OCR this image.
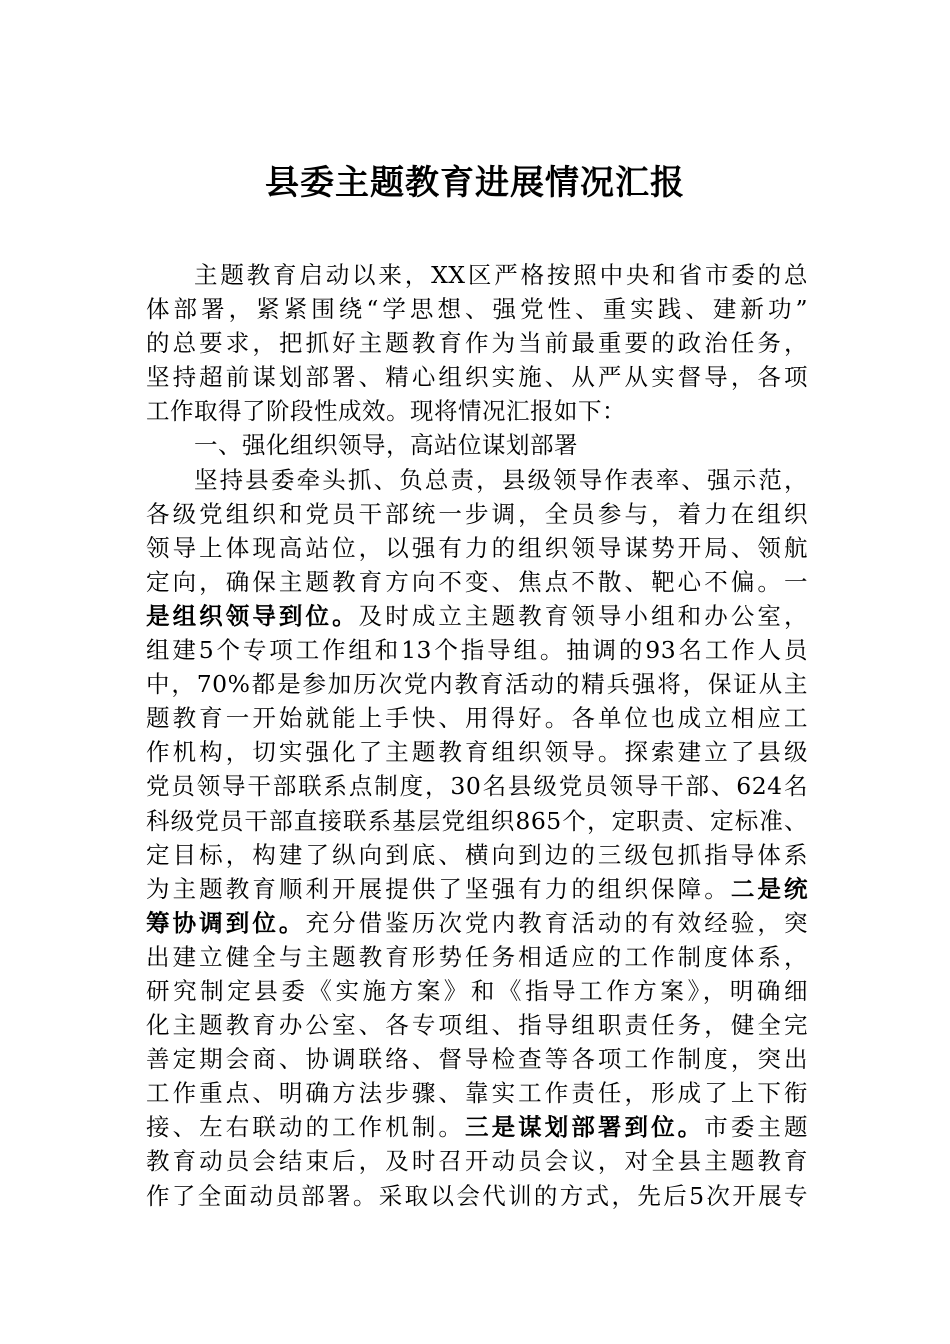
县委主题教育进展情况汇报
主题教育启动以来，XX区严格按照中央和省市委的总
体部署，紧紧围绕“学思想、强党性、重实践、建新功”
的总要求，把抓好主题教育作为当前最重要的政治任务，
坚持超前谋划部署、精心组织实施、从严从实督导，各项
工作取得了阶段性成效。现将情况汇报如下：
一、强化组织领导，高站位谋划部署
坚持县委牵头抓、负总责，县级领导作表率、强示范，
各级党组织和党员干部统一步调，全员参与，着力在组织
领导上体现高站位，以强有力的组织领导谋势开局、领航
定向，确保主题教育方向不变、焦点不散、靶心不偏。一
是组织领导到位。及时成立主题教育领导小组和办公室，
组建5个专项工作组和13个指导组。抽调的93名工作人员
中，70%都是参加历次党内教育活动的精兵强将，保证从主
题教育一开始就能上手快、用得好。各单位也成立相应工
作机构，切实强化了主题教育组织领导。探索建立了县级
党员领导干部联系点制度，30名县级党员领导干部、624名
科级党员干部直接联系基层党组织865个，定职责、定标准、
定目标，构建了纵向到底、横向到边的三级包抓指导体系
为主题教育顺利开展提供了坚强有力的组织保障。二是统
筹协调到位。充分借鉴历次党内教育活动的有效经验，突
出建立健全与主题教育形势任务相适应的工作制度体系，
研究制定县委《实施方案》和《指导工作方案》，明确细
化主题教育办公室、各专项组、指导组职责任务，健全完
善定期会商、协调联络、督导检查等各项工作制度，突出
工作重点、明确方法步骤、靠实工作责任，形成了上下衔
接、左右联动的工作机制。三是谋划部署到位。市委主题
教育动员会结束后，及时召开动员会议，对全县主题教育
作了全面动员部署。采取以会代训的方式，先后5次开展专
